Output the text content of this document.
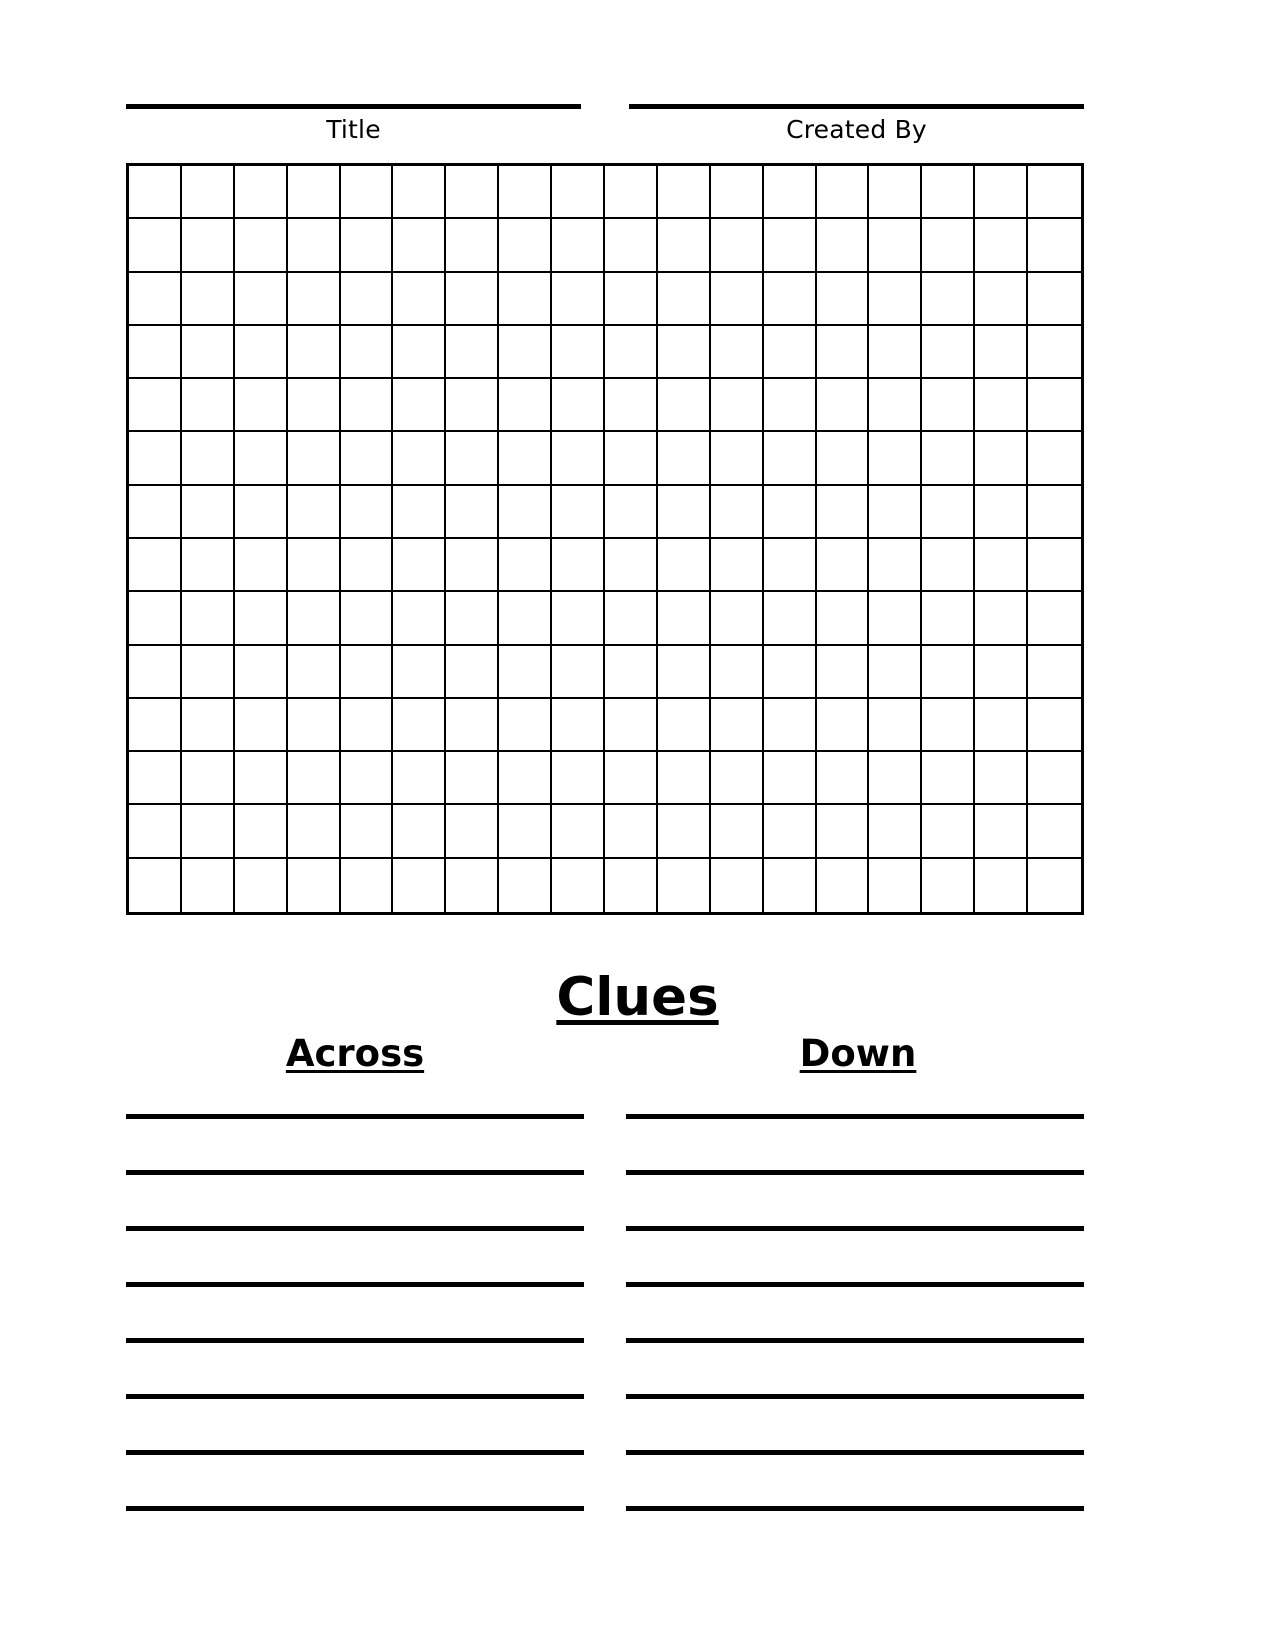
Title	Created By
Clues
Across	Down
